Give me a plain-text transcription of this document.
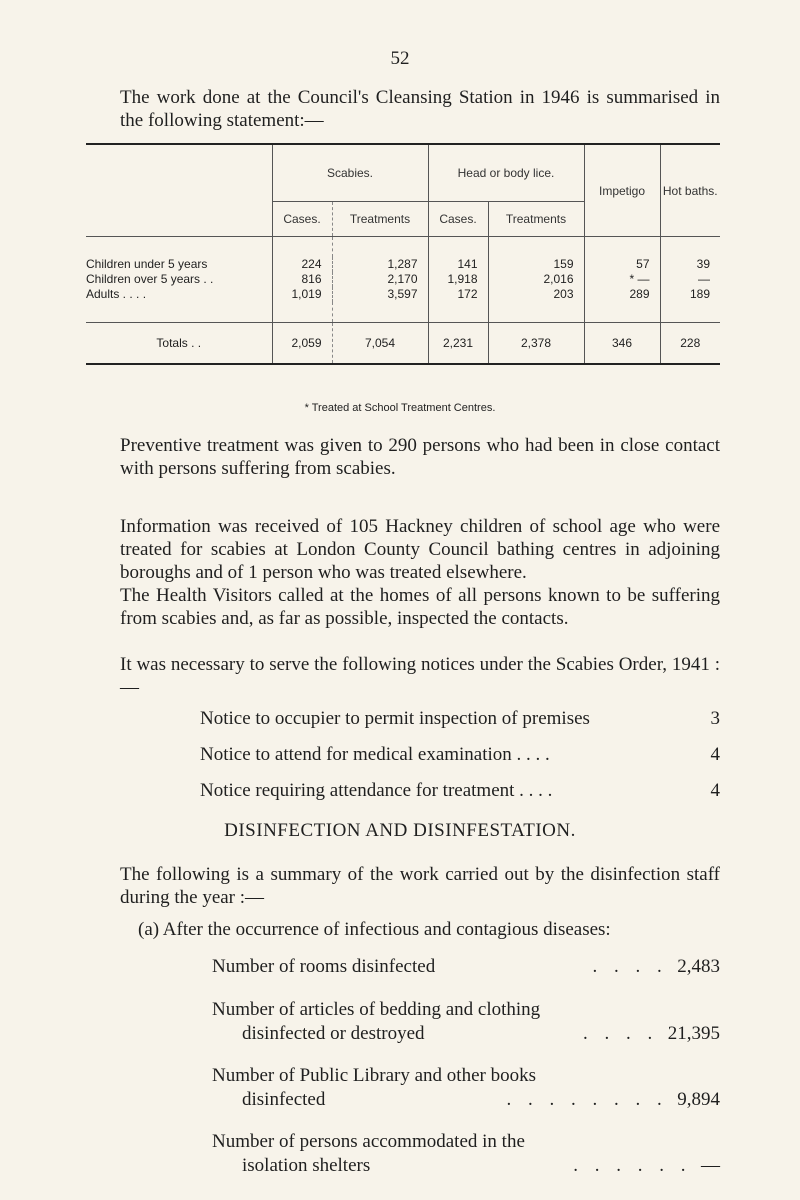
52

The work done at the Council's Cleansing Station in 1946 is summarised in the following statement:—

	Scabies.		Head or body lice.		Impetigo	Hot baths.
	Cases.	Treatments	Cases.	Treatments		

Children under 5 years	224	1,287	141	159	57	39
Children over 5 years . .	816	2,170	1,918	2,016	* —	—
Adults . . . .	1,019	3,597	172	203	289	189

Totals . .	2,059	7,054	2,231	2,378	346	228
* Treated at School Treatment Centres.

Preventive treatment was given to 290 persons who had been in close contact with persons suffering from scabies.

Information was received of 105 Hackney children of school age who were treated for scabies at London County Council bathing centres in adjoining boroughs and of 1 person who was treated elsewhere.

The Health Visitors called at the homes of all persons known to be suffering from scabies and, as far as possible, inspected the contacts.

It was necessary to serve the following notices under the Scabies Order, 1941 :—

Notice to occupier to permit inspection of premises	3
Notice to attend for medical examination . . . .	4
Notice requiring attendance for treatment . . . .	4
DISINFECTION AND DISINFESTATION.

The following is a summary of the work carried out by the disinfection staff during the year :—

(a) After the occurrence of infectious and contagious diseases:

Number of rooms disinfected	. . . . 2,483
Number of articles of bedding and clothing
disinfected or destroyed	. . . . 21,395
Number of Public Library and other books
disinfected	. . . . . . . . 9,894
Number of persons accommodated in the
isolation shelters	. . . . . . —
